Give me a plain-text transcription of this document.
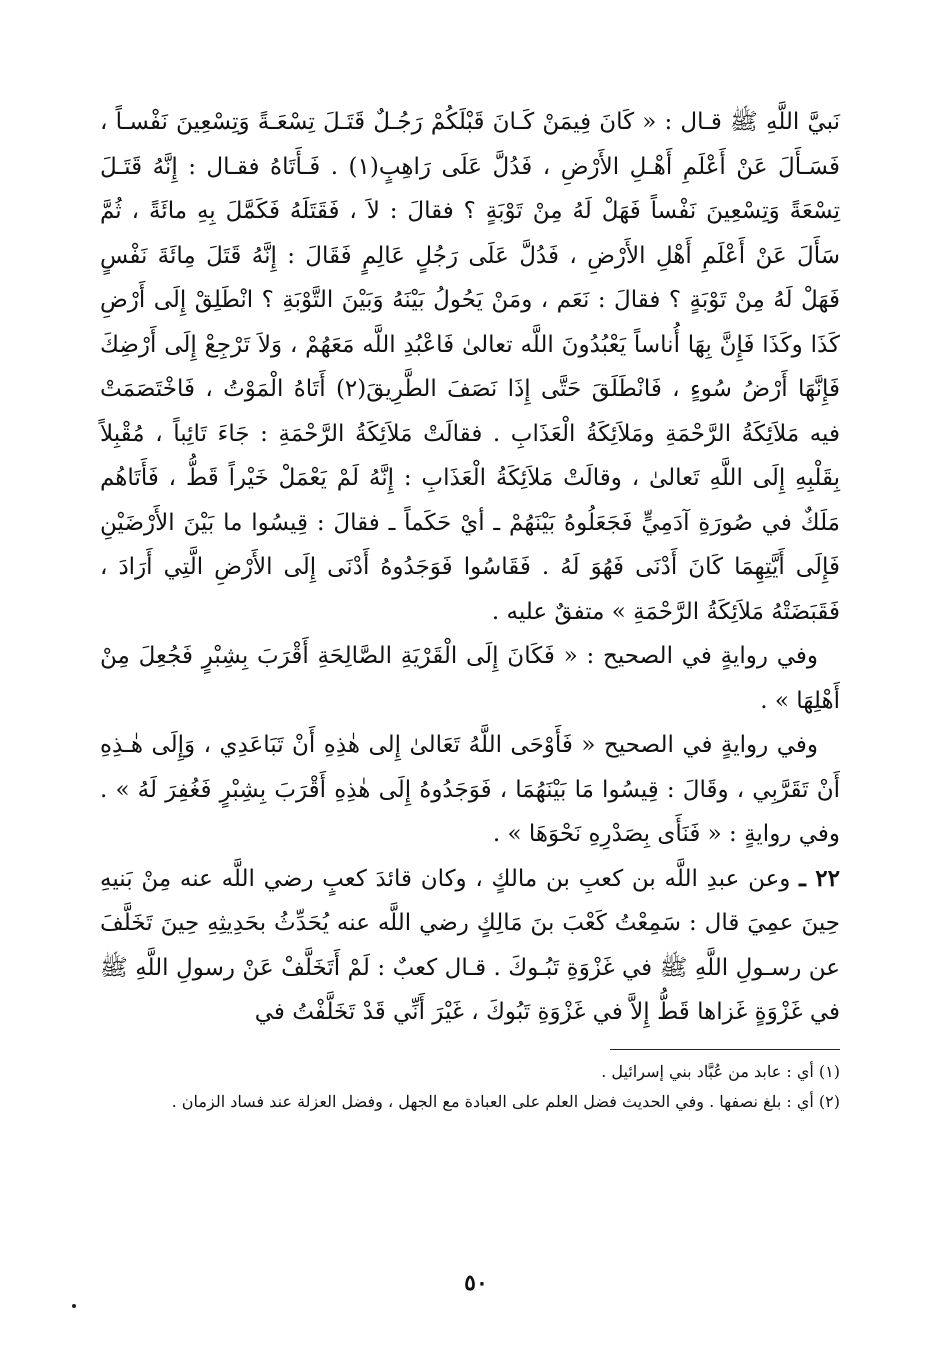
نَبيَّ اللَّهِ ﷺ قـال : « كَانَ فِيمَنْ كَـانَ قَبْلَكُمْ رَجُـلٌ قَتَـلَ تِسْعَـةً وَتِسْعِينَ نَفْسـاً ، فَسَـأَلَ عَنْ أَعْلَمِ أَهْـلِ الأَرْضِ ، فَدُلَّ عَلَى رَاهِبٍ(١) . فَـأَتَاهُ فقـال : إِنَّهُ قَتَـلَ تِسْعَةً وَتِسْعِينَ نَفْساً فَهَلْ لَهُ مِنْ تَوْبَةٍ ؟ فقالَ : لاَ ، فَقَتَلَهُ فَكَمَّلَ بِهِ مائَةً ، ثُمَّ سَأَلَ عَنْ أَعْلَمِ أَهْلِ الأَرْضِ ، فَدُلَّ عَلَى رَجُلٍ عَالِمٍ فَقَالَ : إِنَّهُ قَتَلَ مِائَةَ نَفْسٍ فَهَلْ لَهُ مِنْ تَوْبَةٍ ؟ فقالَ : نَعَم ، ومَنْ يَحُولُ بَيْنَهُ وَبَيْنَ التَّوْبَةِ ؟ انْطَلِقْ إِلَى أَرْضِ كَذَا وكَذَا فَإِنَّ بِهَا أُناساً يَعْبُدُونَ اللَّه تعالىٰ فَاعْبُدِ اللَّه مَعَهُمْ ، وَلاَ تَرْجِعْ إِلَى أَرْضِكَ فَإِنَّهَا أَرْضُ سُوءٍ ، فَانْطَلَقَ حَتَّى إِذَا نَصَفَ الطَّرِيقَ(٢) أَتَاهُ الْمَوْتُ ، فَاخْتَصَمَتْ فيه مَلاَئِكَةُ الرَّحْمَةِ ومَلاَئِكَةُ الْعَذَابِ . فقالَتْ مَلاَئِكَةُ الرَّحْمَةِ : جَاءَ تَائِباً ، مُقْبِلاً بِقَلْبِهِ إِلَى اللَّهِ تَعالىٰ ، وقالَتْ مَلاَئِكَةُ الْعَذَابِ : إِنَّهُ لَمْ يَعْمَلْ خَيْراً قَطُّ ، فَأَتَاهُم مَلَكٌ في صُورَةِ آدَمِيٍّ فَجَعَلُوهُ بَيْنَهُمْ ـ أيْ حَكَماً ـ فقالَ : قِيسُوا ما بَيْنَ الأَرْضَيْنِ فَإِلَى أَيَّتِهِمَا كَانَ أَدْنَى فَهُوَ لَهُ . فَقَاسُوا فَوَجَدُوهُ أَدْنَى إِلَى الأَرْضِ الَّتِي أَرَادَ ، فَقَبَضَتْهُ مَلاَئِكَةُ الرَّحْمَةِ » متفقٌ عليه .

وفي روايةٍ في الصحيح : « فَكَانَ إِلَى الْقَرْيَةِ الصَّالِحَةِ أَقْرَبَ بِشِبْرٍ فَجُعِلَ مِنْ أَهْلِهَا » .

وفي روايةٍ في الصحيح « فَأَوْحَى اللَّهُ تَعَالىٰ إِلى هٰذِهِ أَنْ تَبَاعَدِي ، وَإِلَى هٰـذِهِ أَنْ تَقَرَّبِي ، وقَالَ : قِيسُوا مَا بَيْنَهُمَا ، فَوَجَدُوهُ إِلَى هٰذِهِ أَقْرَبَ بِشِبْرٍ فَغُفِرَ لَهُ » . وفي روايةٍ : « فَنَأَى بِصَدْرِهِ نَحْوَهَا » .

٢٢ ـ وعن عبدِ اللَّه بن كعبِ بن مالكٍ ، وكان قائدَ كعبٍ رضي اللَّه عنه مِنْ بَنيهِ حِينَ عمِيَ قال : سَمِعْتُ كَعْبَ بنَ مَالِكٍ رضي اللَّه عنه يُحَدِّثُ بحَدِيثِهِ حِينَ تَخَلَّفَ عن رسـولِ اللَّهِ ﷺ في غَزْوَةِ تَبُـوكَ . قـال كعبٌ : لَمْ أَتَخَلَّفْ عَنْ رسولِ اللَّهِ ﷺ في غَزْوَةٍ غَزاها قَطُّ إِلاَّ في غَزْوَةِ تَبُوكَ ، غَيْرَ أَنِّي قَدْ تَخَلَّفْتُ في

(١) أي : عابد من عُبَّاد بني إسرائيل .

(٢) أي : بلغ نصفها . وفي الحديث فضل العلم على العبادة مع الجهل ، وفضل العزلة عند فساد الزمان .

٥٠
